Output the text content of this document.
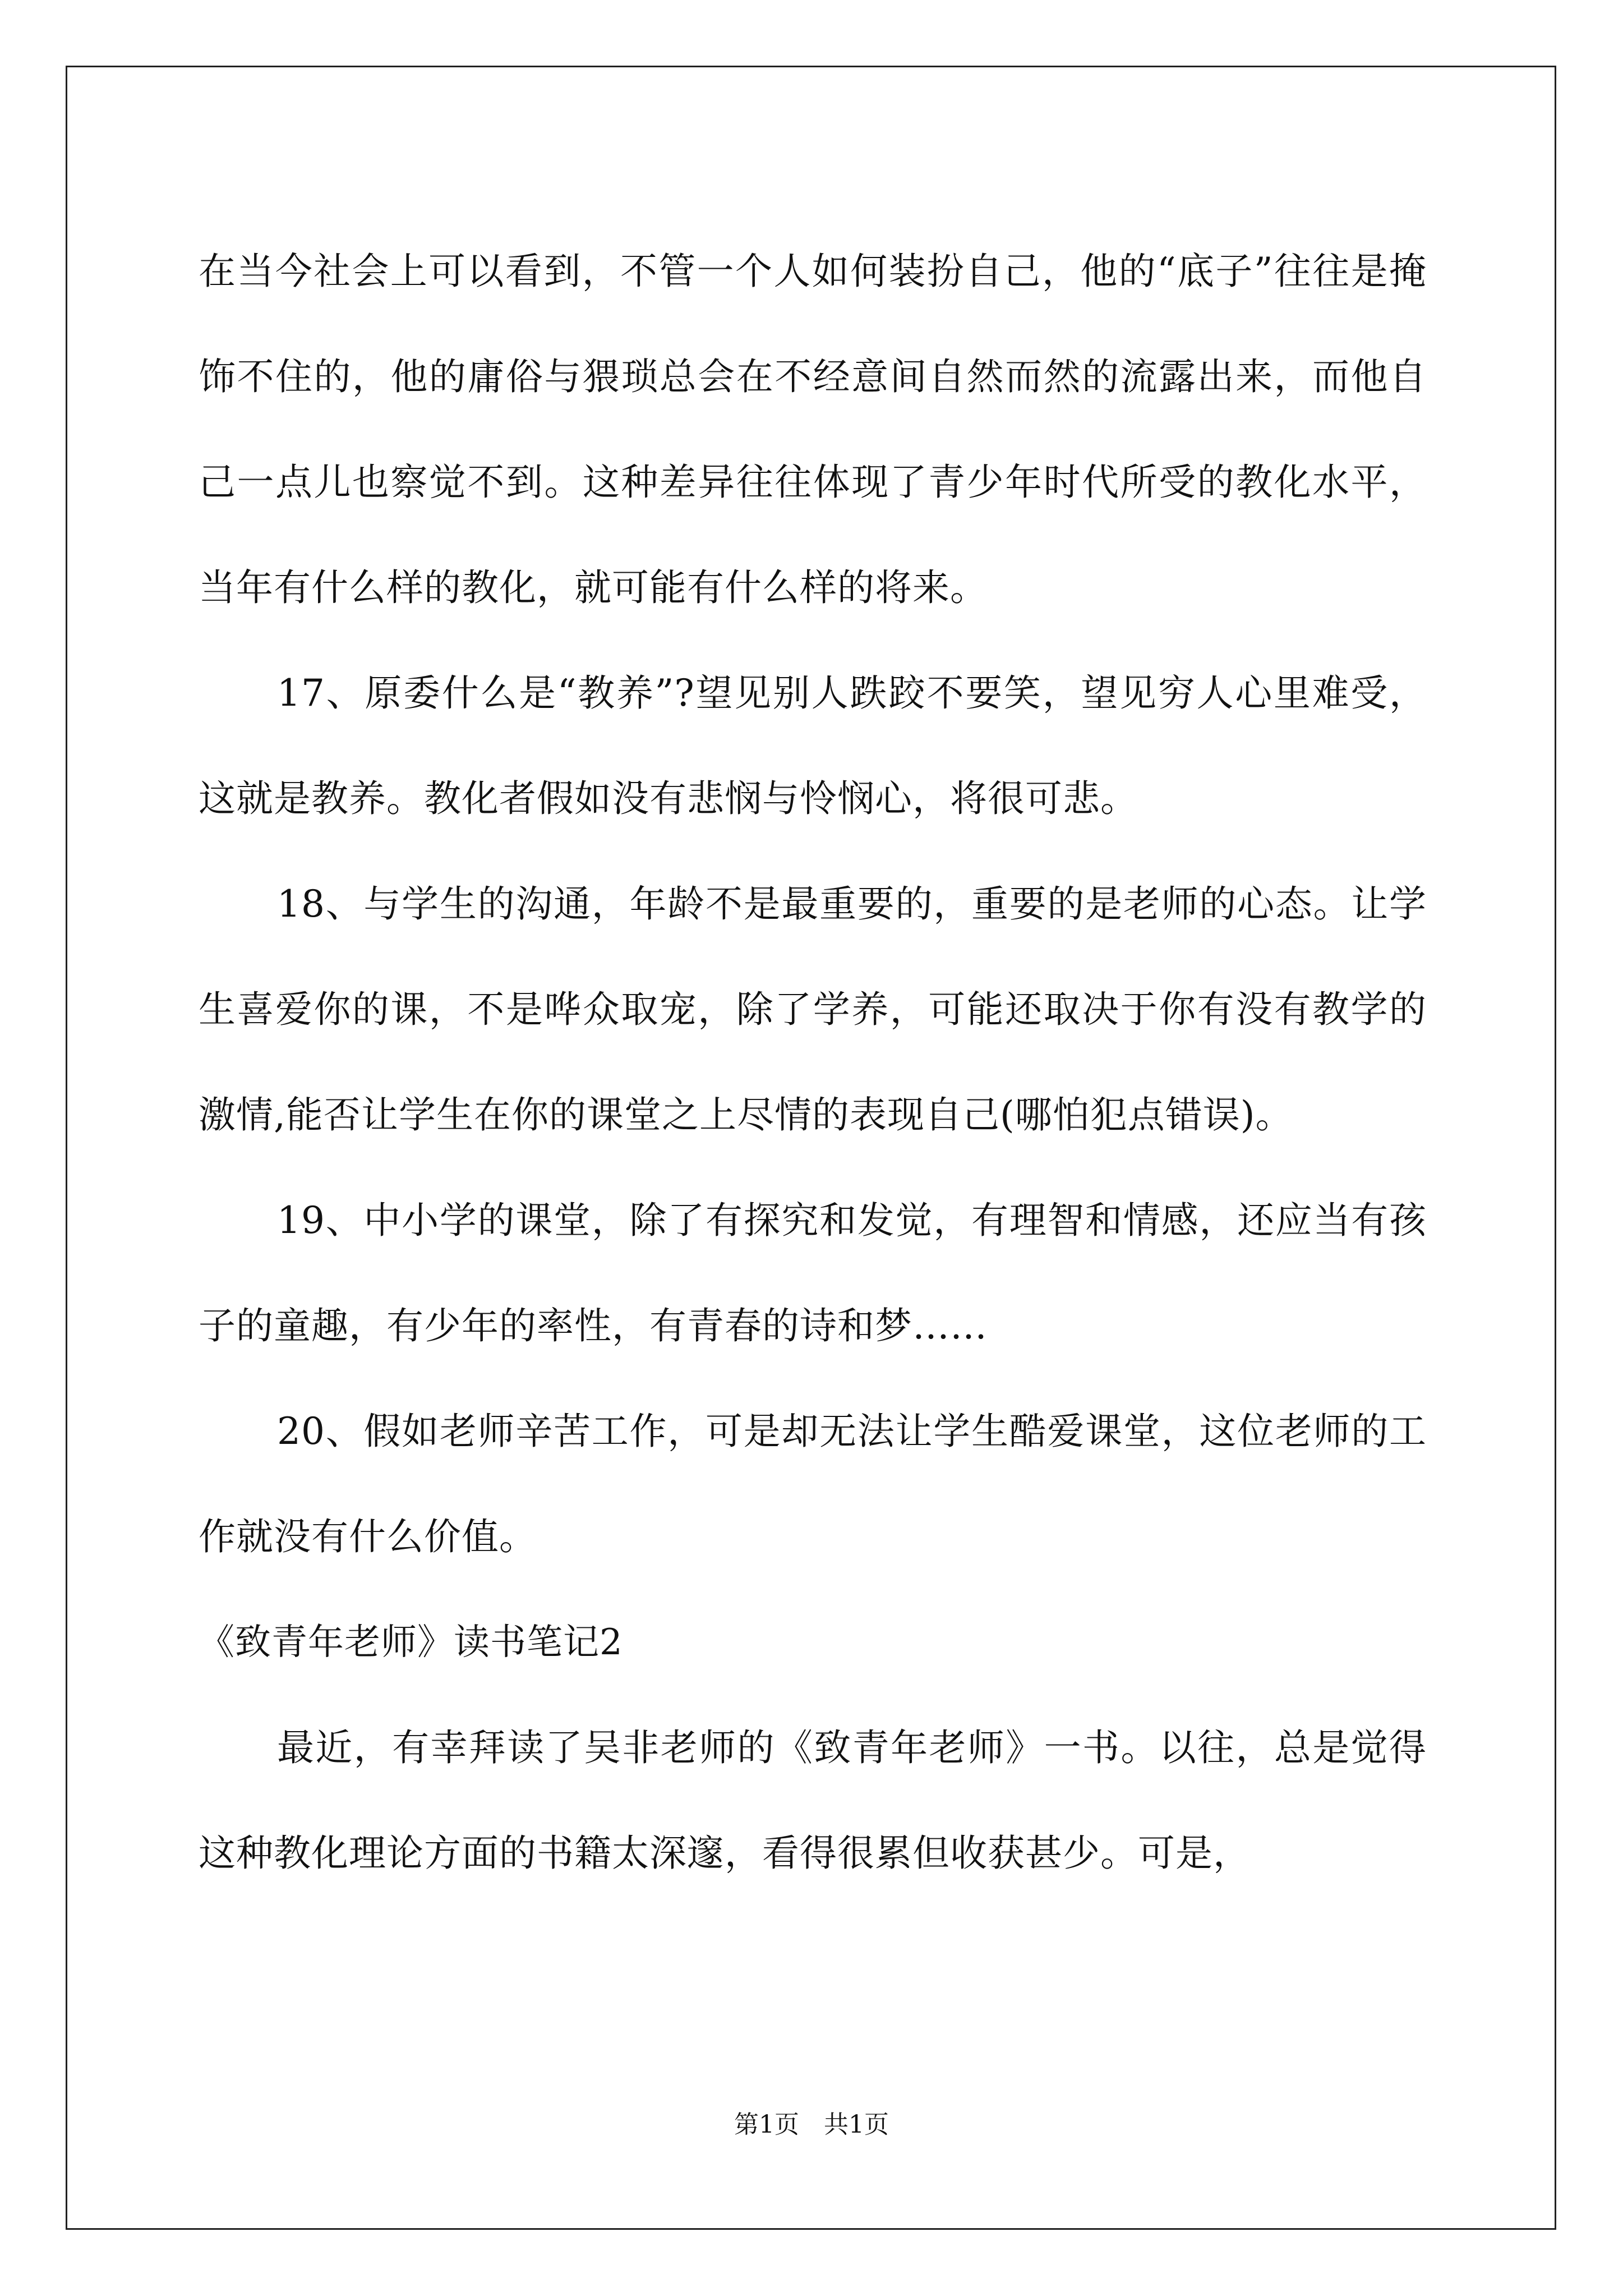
在当今社会上可以看到，不管一个人如何装扮自己，他的“底子”往往是掩饰不住的，他的庸俗与猥琐总会在不经意间自然而然的流露出来，而他自己一点儿也察觉不到。这种差异往往体现了青少年时代所受的教化水平，当年有什么样的教化，就可能有什么样的将来。

17、原委什么是“教养”?望见别人跌跤不要笑，望见穷人心里难受，这就是教养。教化者假如没有悲悯与怜悯心，将很可悲。

18、与学生的沟通，年龄不是最重要的，重要的是老师的心态。让学生喜爱你的课，不是哗众取宠，除了学养，可能还取决于你有没有教学的激情,能否让学生在你的课堂之上尽情的表现自己(哪怕犯点错误)。

19、中小学的课堂，除了有探究和发觉，有理智和情感，还应当有孩子的童趣，有少年的率性，有青春的诗和梦……

20、假如老师辛苦工作，可是却无法让学生酷爱课堂，这位老师的工作就没有什么价值。

《致青年老师》读书笔记2

最近，有幸拜读了吴非老师的《致青年老师》一书。以往，总是觉得这种教化理论方面的书籍太深邃，看得很累但收获甚少。可是，

第1页　共1页
